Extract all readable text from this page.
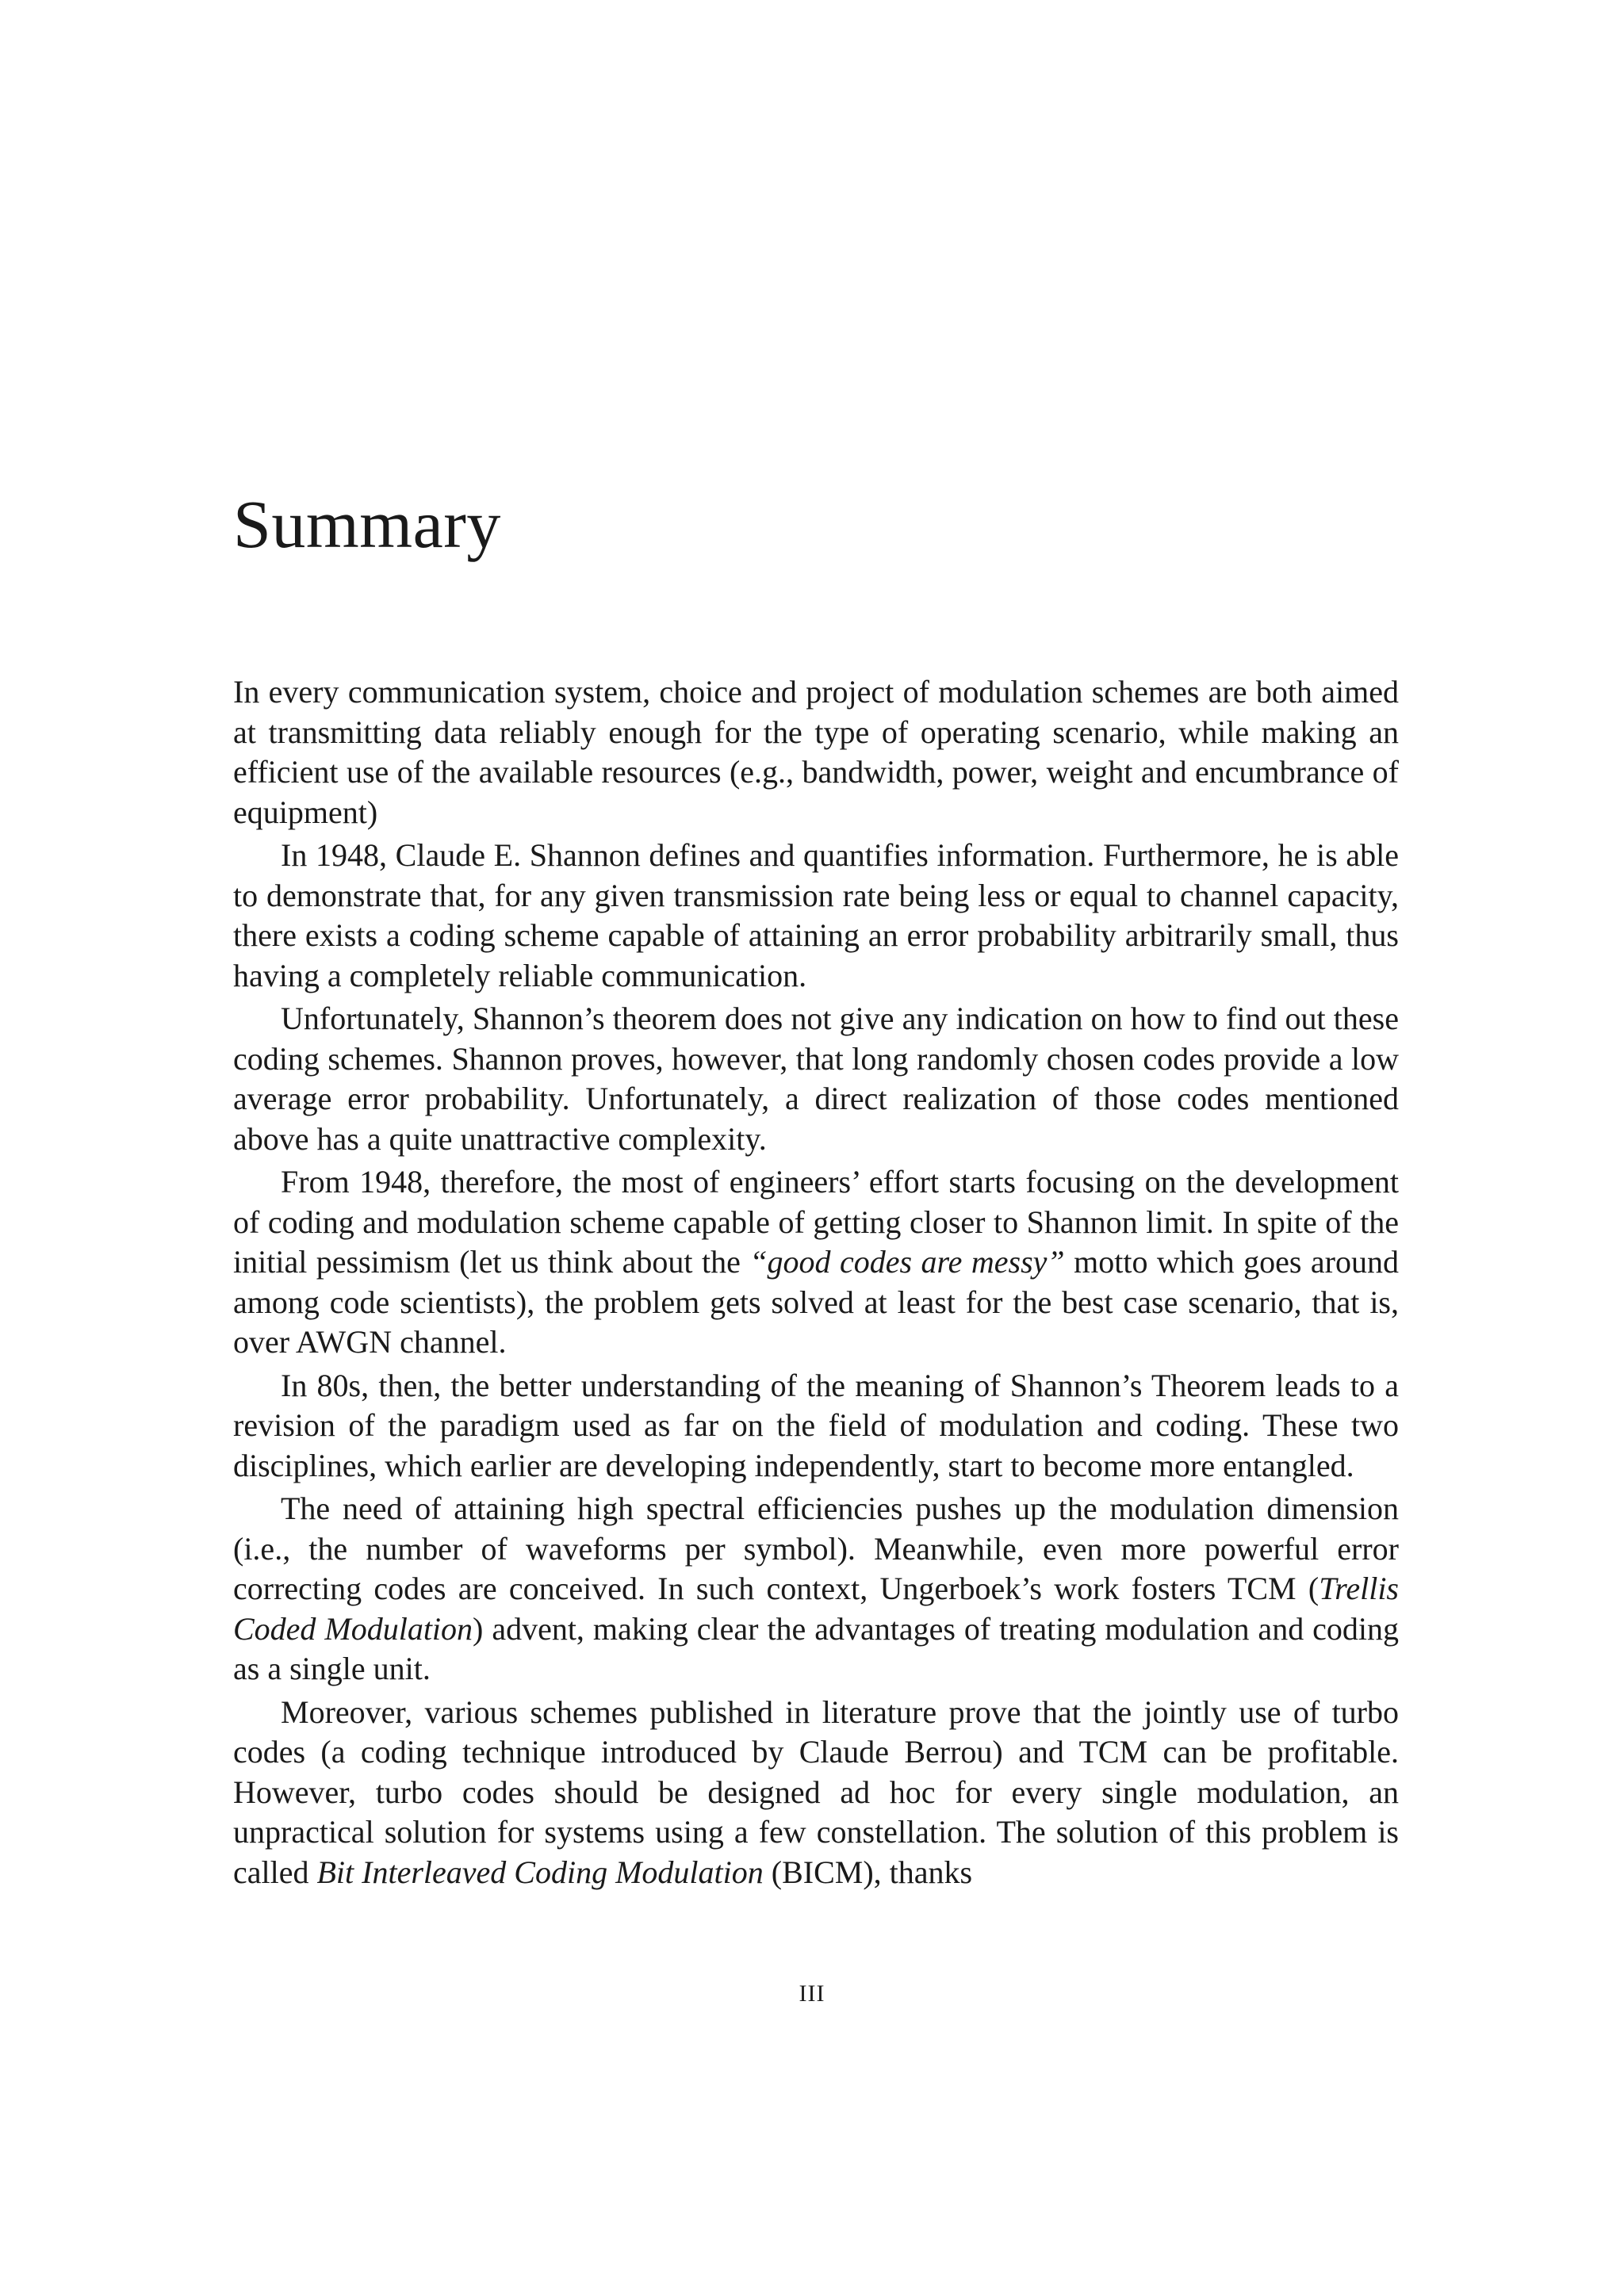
Summary

In every communication system, choice and project of modulation schemes are both aimed at transmitting data reliably enough for the type of operating scenario, while making an efficient use of the available resources (e.g., bandwidth, power, weight and encumbrance of equipment)

In 1948, Claude E. Shannon defines and quantifies information. Furthermore, he is able to demonstrate that, for any given transmission rate being less or equal to channel capacity, there exists a coding scheme capable of attaining an error probability arbitrarily small, thus having a completely reliable communication.

Unfortunately, Shannon’s theorem does not give any indication on how to find out these coding schemes. Shannon proves, however, that long randomly chosen codes provide a low average error probability. Unfortunately, a direct realization of those codes mentioned above has a quite unattractive complexity.

From 1948, therefore, the most of engineers’ effort starts focusing on the development of coding and modulation scheme capable of getting closer to Shannon limit. In spite of the initial pessimism (let us think about the “good codes are messy” motto which goes around among code scientists), the problem gets solved at least for the best case scenario, that is, over AWGN channel.

In 80s, then, the better understanding of the meaning of Shannon’s Theorem leads to a revision of the paradigm used as far on the field of modulation and coding. These two disciplines, which earlier are developing independently, start to become more entangled.

The need of attaining high spectral efficiencies pushes up the modulation dimension (i.e., the number of waveforms per symbol). Meanwhile, even more powerful error correcting codes are conceived. In such context, Ungerboek’s work fosters TCM (Trellis Coded Modulation) advent, making clear the advantages of treating modulation and coding as a single unit.

Moreover, various schemes published in literature prove that the jointly use of turbo codes (a coding technique introduced by Claude Berrou) and TCM can be profitable. However, turbo codes should be designed ad hoc for every single modulation, an unpractical solution for systems using a few constellation. The solution of this problem is called Bit Interleaved Coding Modulation (BICM), thanks

III
